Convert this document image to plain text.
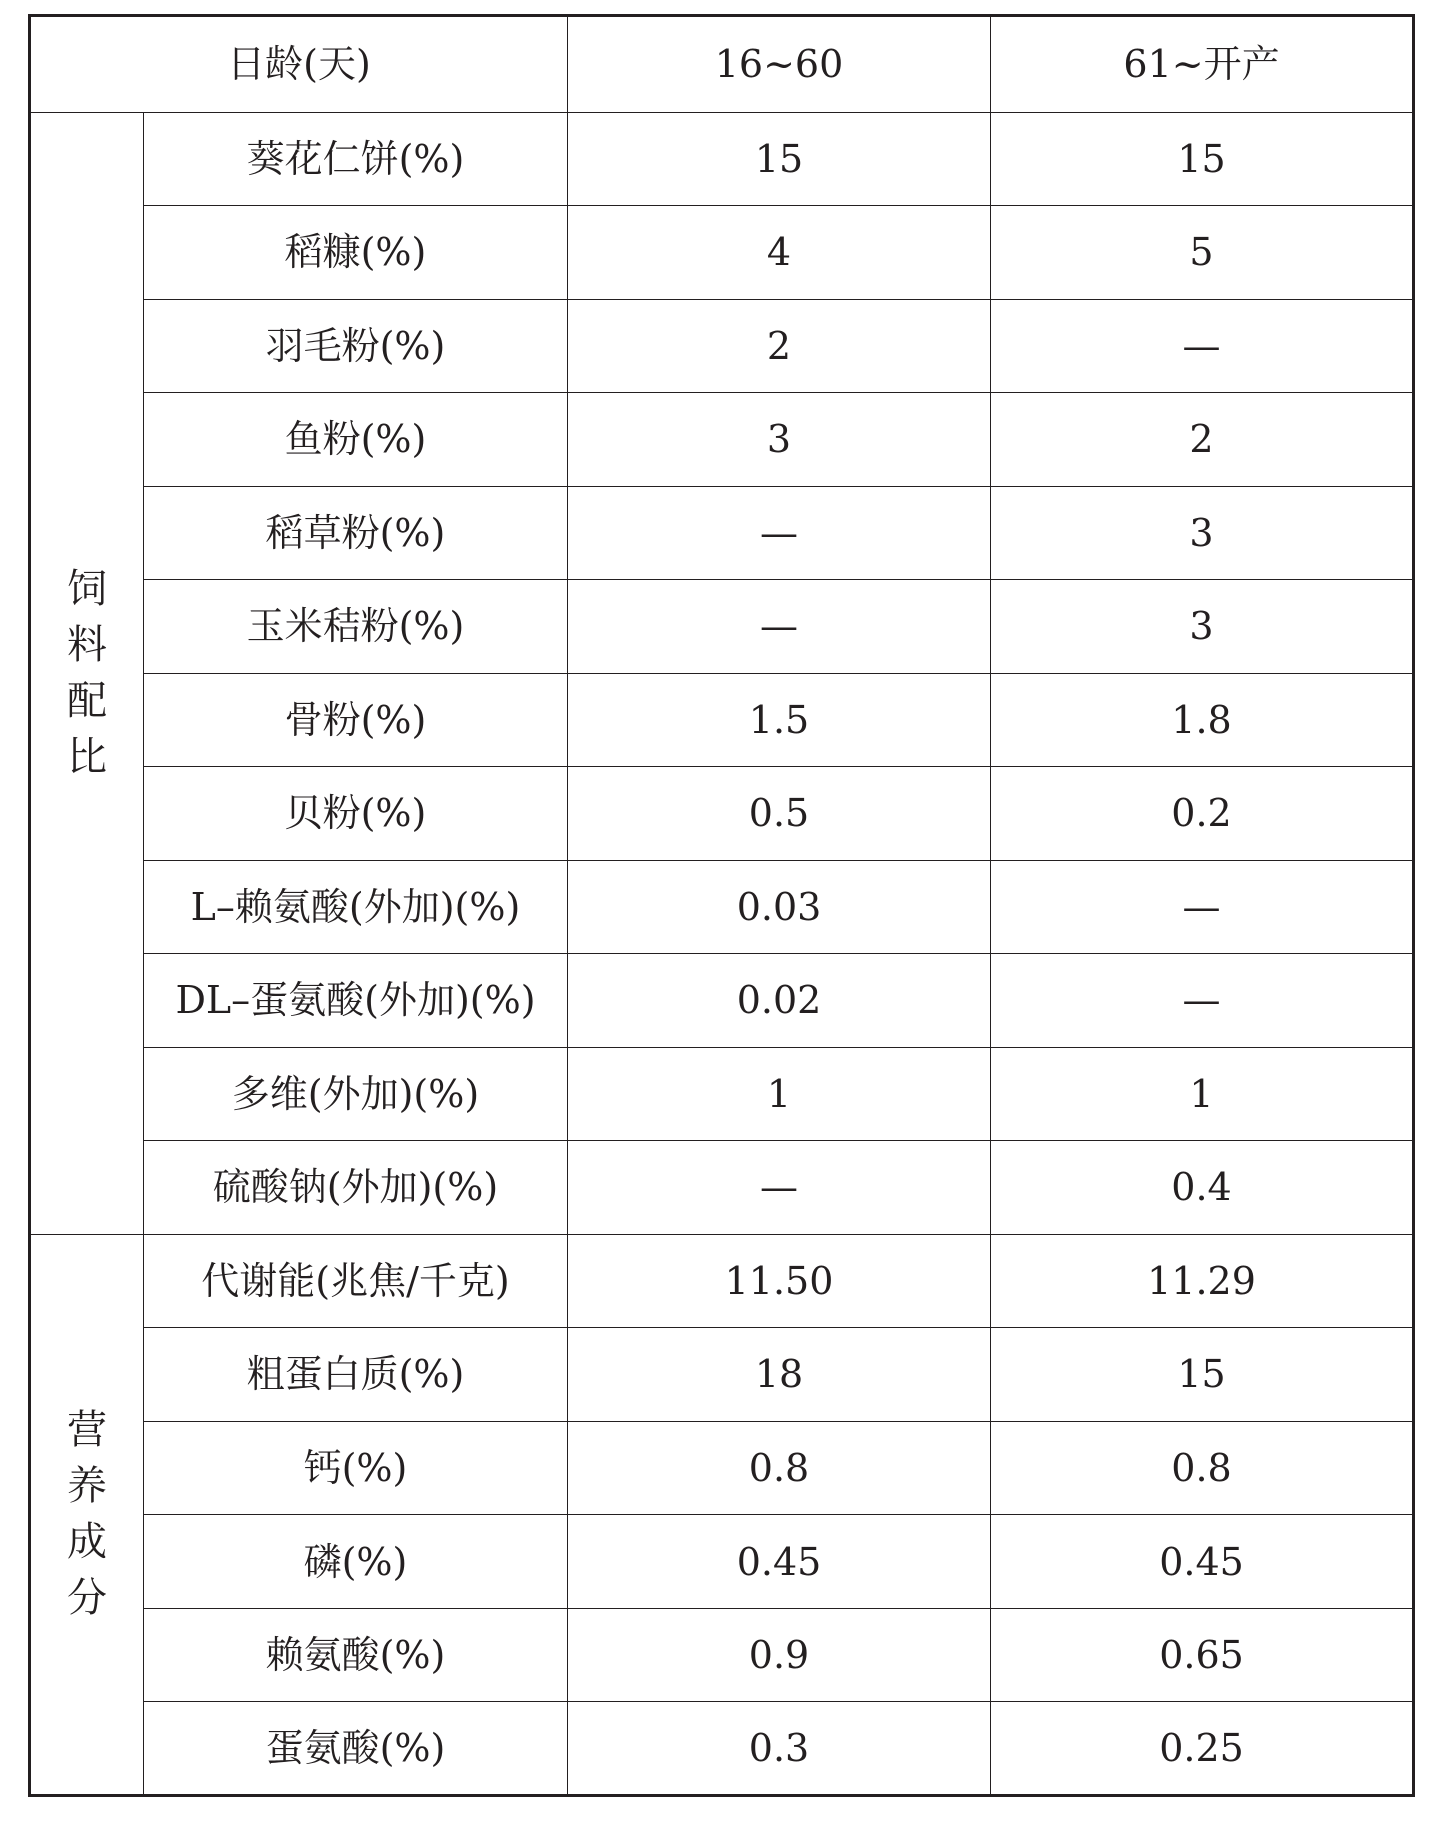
日龄(天)		16~60	61~开产
饲料配比	葵花仁饼(%)	15	15
	稻糠(%)	4	5
	羽毛粉(%)	2	—
	鱼粉(%)	3	2
	稻草粉(%)	—	3
	玉米秸粉(%)	—	3
	骨粉(%)	1.5	1.8
	贝粉(%)	0.5	0.2
	L–赖氨酸(外加)(%)	0.03	—
	DL–蛋氨酸(外加)(%)	0.02	—
	多维(外加)(%)	1	1
	硫酸钠(外加)(%)	—	0.4
营养成分	代谢能(兆焦/千克)	11.50	11.29
	粗蛋白质(%)	18	15
	钙(%)	0.8	0.8
	磷(%)	0.45	0.45
	赖氨酸(%)	0.9	0.65
	蛋氨酸(%)	0.3	0.25
